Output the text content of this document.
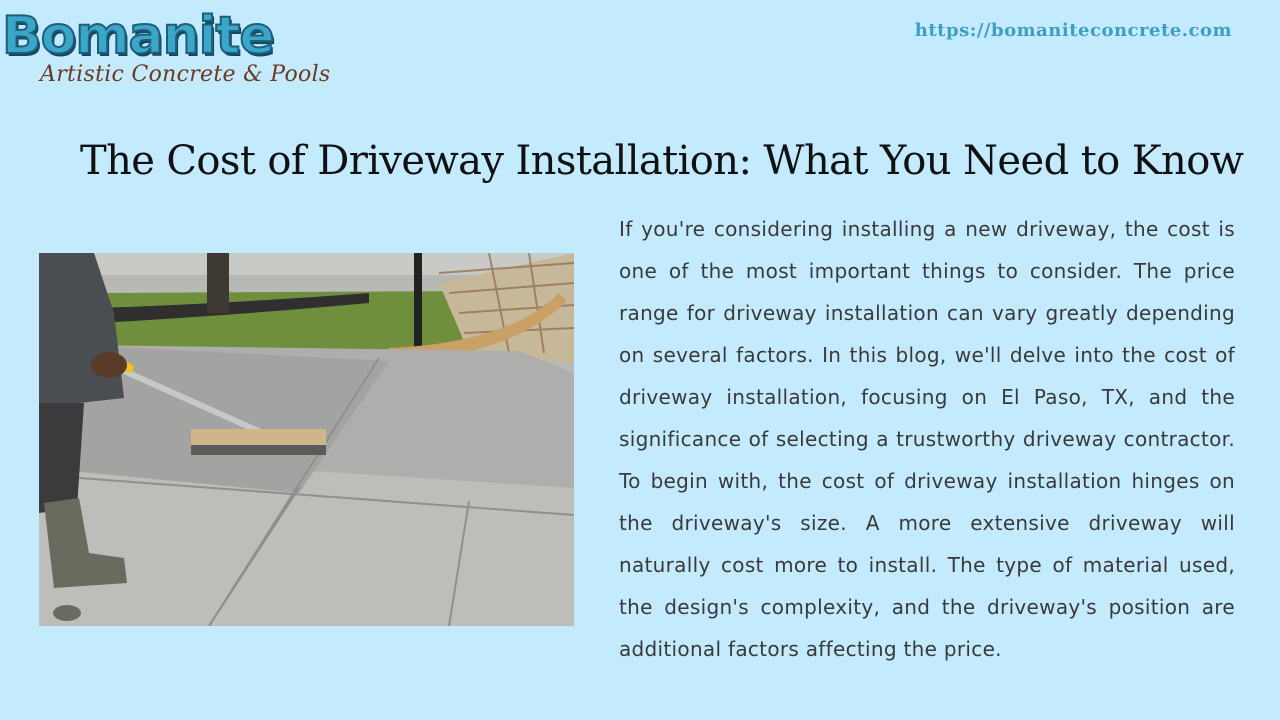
Bomanite
Artistic Concrete & Pools
https://bomaniteconcrete.com
The Cost of Driveway Installation: What You Need to Know

If you're considering installing a new driveway, the cost is one of the most important things to consider. The price range for driveway installation can vary greatly depending on several factors. In this blog, we'll delve into the cost of driveway installation, focusing on El Paso, TX, and the significance of selecting a trustworthy driveway contractor. To begin with, the cost of driveway installation hinges on the driveway's size. A more extensive driveway will naturally cost more to install. The type of material used, the design's complexity, and the driveway's position are additional factors affecting the price.
